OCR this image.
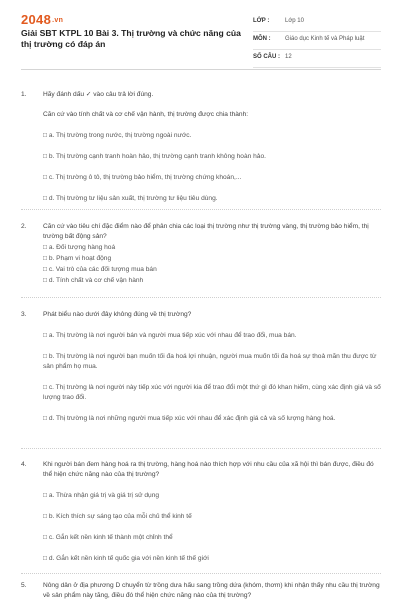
2048.vn
Giải SBT KTPL 10 Bài 3. Thị trường và chức năng của thị trường có đáp án
LỚP :	Lớp 10
MÔN : Giáo dục Kinh tế và Pháp luật
SỐ CÂU : 12
1.	Hãy đánh dấu ✓ vào câu trả lời đúng.
Căn cứ vào tính chất và cơ chế vận hành, thị trường được chia thành:
□ a. Thị trường trong nước, thị trường ngoài nước.
□ b. Thị trường cạnh tranh hoàn hảo, thị trường cạnh tranh không hoàn hảo.
□ c. Thị trường ô tô, thị trường bảo hiểm, thị trường chứng khoán,...
□ d. Thị trường tư liệu sản xuất, thị trường tư liệu tiêu dùng.
2.	Căn cứ vào tiêu chí đặc điểm nào để phân chia các loại thị trường như thị trường vàng, thị trường bảo hiểm, thị trường bất động sản?
□ a. Đối tượng hàng hoá
□ b. Phạm vi hoạt động
□ c. Vai trò của các đối tượng mua bán
□ d. Tính chất và cơ chế vận hành
3.	Phát biểu nào dưới đây không đúng về thị trường?
□ a. Thị trường là nơi người bán và người mua tiếp xúc với nhau để trao đổi, mua bán.
□ b. Thị trường là nơi người bạn muốn tối đa hoá lợi nhuận, người mua muốn tối đa hoá sự thoả mãn thu được từ sản phẩm họ mua.
□ c. Thị trường là nơi người này tiếp xúc với người kia để trao đổi một thứ gì đó khan hiếm, cùng xác định giá và số lượng trao đổi.
□ d. Thị trường là nơi những người mua tiếp xúc với nhau để xác định giá cả và số lượng hàng hoá.
4.	Khi người bán đem hàng hoá ra thị trường, hàng hoá nào thích hợp với nhu cầu của xã hội thì bán được, điều đó thể hiện chức năng nào của thị trường?
□ a. Thừa nhận giá trị và giá trị sử dụng
□ b. Kích thích sự sáng tạo của mỗi chủ thể kinh tế
□ c. Gắn kết nền kinh tế thành một chỉnh thể
□ d. Gắn kết nền kinh tế quốc gia với nền kinh tế thế giới
5.	Nông dân ở địa phương D chuyển từ trồng dưa hấu sang trồng dứa (khóm, thơm) khi nhận thấy nhu cầu thị trường về sản phẩm này tăng, điều đó thể hiện chức năng nào của thị trường?
